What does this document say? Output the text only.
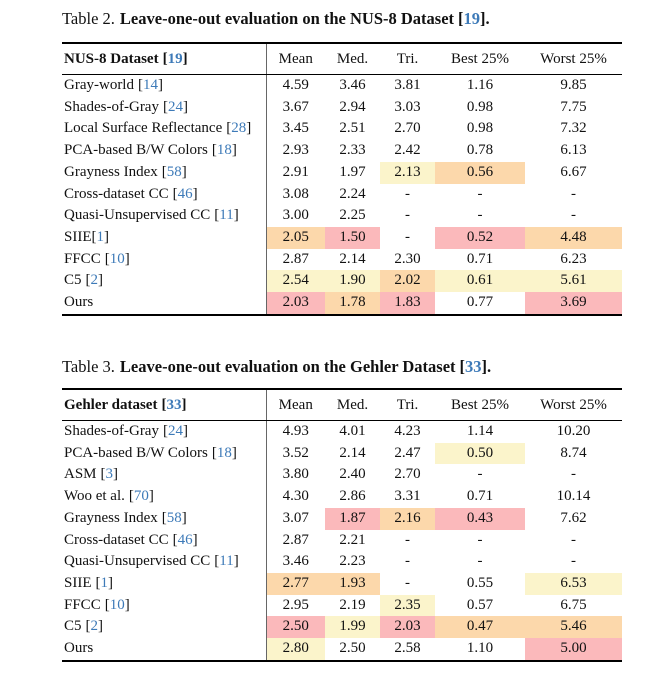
Table 2. Leave-one-out evaluation on the NUS-8 Dataset [19].

NUS-8 Dataset [19]	Mean	Med.	Tri.	Best 25%	Worst 25%
Gray-world [14]	4.59	3.46	3.81	1.16	9.85
Shades-of-Gray [24]	3.67	2.94	3.03	0.98	7.75
Local Surface Reflectance [28]	3.45	2.51	2.70	0.98	7.32
PCA-based B/W Colors [18]	2.93	2.33	2.42	0.78	6.13
Grayness Index [58]	2.91	1.97	2.13	0.56	6.67
Cross-dataset CC [46]	3.08	2.24	-	-	-
Quasi-Unsupervised CC [11]	3.00	2.25	-	-	-
SIIE[1]	2.05	1.50	-	0.52	4.48
FFCC [10]	2.87	2.14	2.30	0.71	6.23
C5 [2]	2.54	1.90	2.02	0.61	5.61
Ours	2.03	1.78	1.83	0.77	3.69

Table 3. Leave-one-out evaluation on the Gehler Dataset [33].

Gehler dataset [33]	Mean	Med.	Tri.	Best 25%	Worst 25%
Shades-of-Gray [24]	4.93	4.01	4.23	1.14	10.20
PCA-based B/W Colors [18]	3.52	2.14	2.47	0.50	8.74
ASM [3]	3.80	2.40	2.70	-	-
Woo et al. [70]	4.30	2.86	3.31	0.71	10.14
Grayness Index [58]	3.07	1.87	2.16	0.43	7.62
Cross-dataset CC [46]	2.87	2.21	-	-	-
Quasi-Unsupervised CC [11]	3.46	2.23	-	-	-
SIIE [1]	2.77	1.93	-	0.55	6.53
FFCC [10]	2.95	2.19	2.35	0.57	6.75
C5 [2]	2.50	1.99	2.03	0.47	5.46
Ours	2.80	2.50	2.58	1.10	5.00
